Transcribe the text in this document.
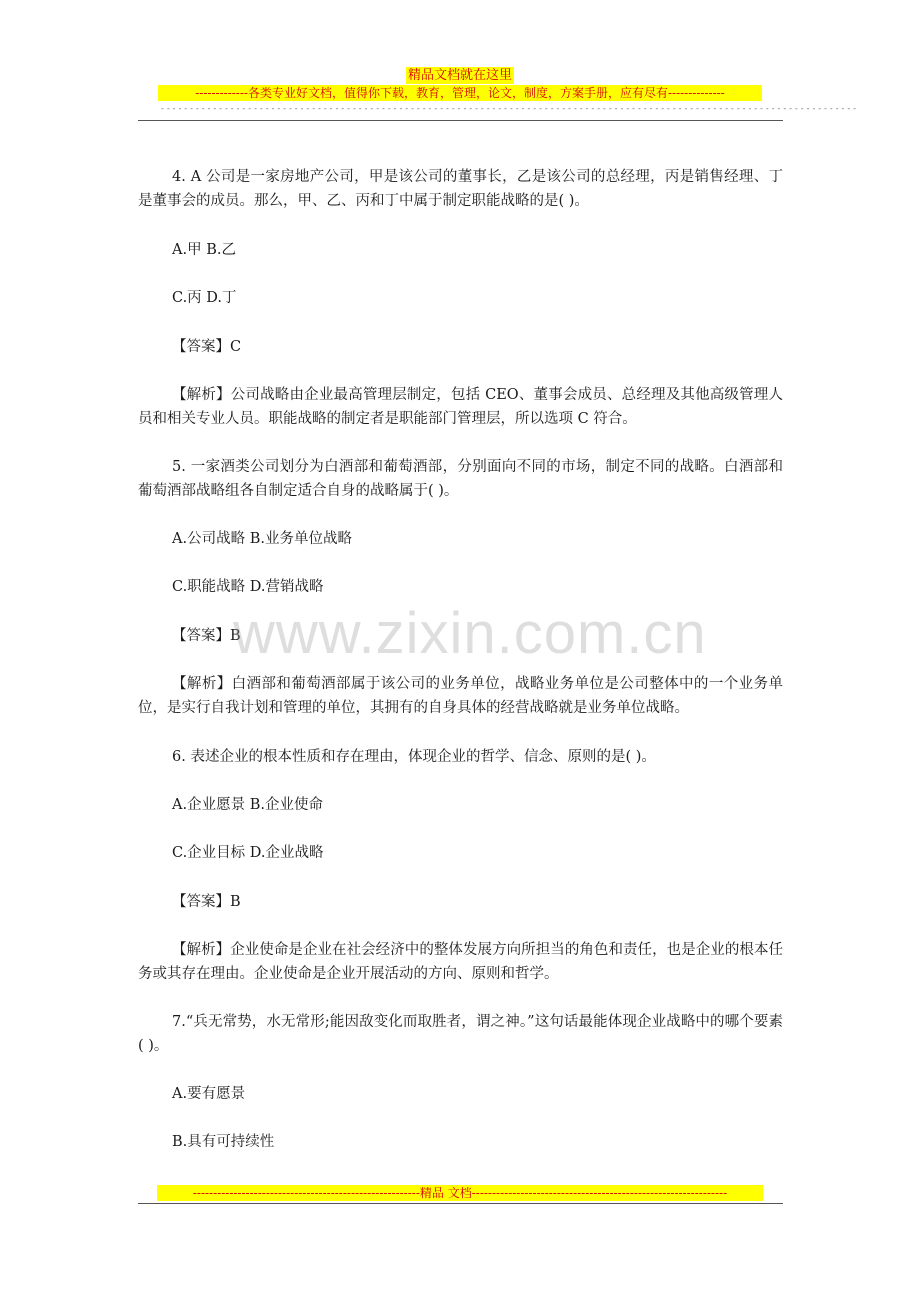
精品文档就在这里
-------------各类专业好文档，值得你下载，教育，管理，论文，制度，方案手册，应有尽有--------------
------------------------------------------------------------------------------------------------------------------------

4. A 公司是一家房地产公司，甲是该公司的董事长，乙是该公司的总经理，丙是销售经理、丁是董事会的成员。那么，甲、乙、丙和丁中属于制定职能战略的是( )。

A.甲 B.乙

C.丙 D.丁

【答案】C

【解析】公司战略由企业最高管理层制定，包括 CEO、董事会成员、总经理及其他高级管理人员和相关专业人员。职能战略的制定者是职能部门管理层，所以选项 C 符合。

5. 一家酒类公司划分为白酒部和葡萄酒部，分别面向不同的市场，制定不同的战略。白酒部和葡萄酒部战略组各自制定适合自身的战略属于( )。

A.公司战略 B.业务单位战略

C.职能战略 D.营销战略

【答案】B

【解析】白酒部和葡萄酒部属于该公司的业务单位，战略业务单位是公司整体中的一个业务单位，是实行自我计划和管理的单位，其拥有的自身具体的经营战略就是业务单位战略。

6. 表述企业的根本性质和存在理由，体现企业的哲学、信念、原则的是( )。

A.企业愿景 B.企业使命

C.企业目标 D.企业战略

【答案】B

【解析】企业使命是企业在社会经济中的整体发展方向所担当的角色和责任，也是企业的根本任务或其存在理由。企业使命是企业开展活动的方向、原则和哲学。

7.“兵无常势，水无常形;能因敌变化而取胜者，谓之神。”这句话最能体现企业战略中的哪个要素( )。

A.要有愿景

B.具有可持续性

www.zixin.com.cn
--------------------------------------------------------精品 文档---------------------------------------------------------------
